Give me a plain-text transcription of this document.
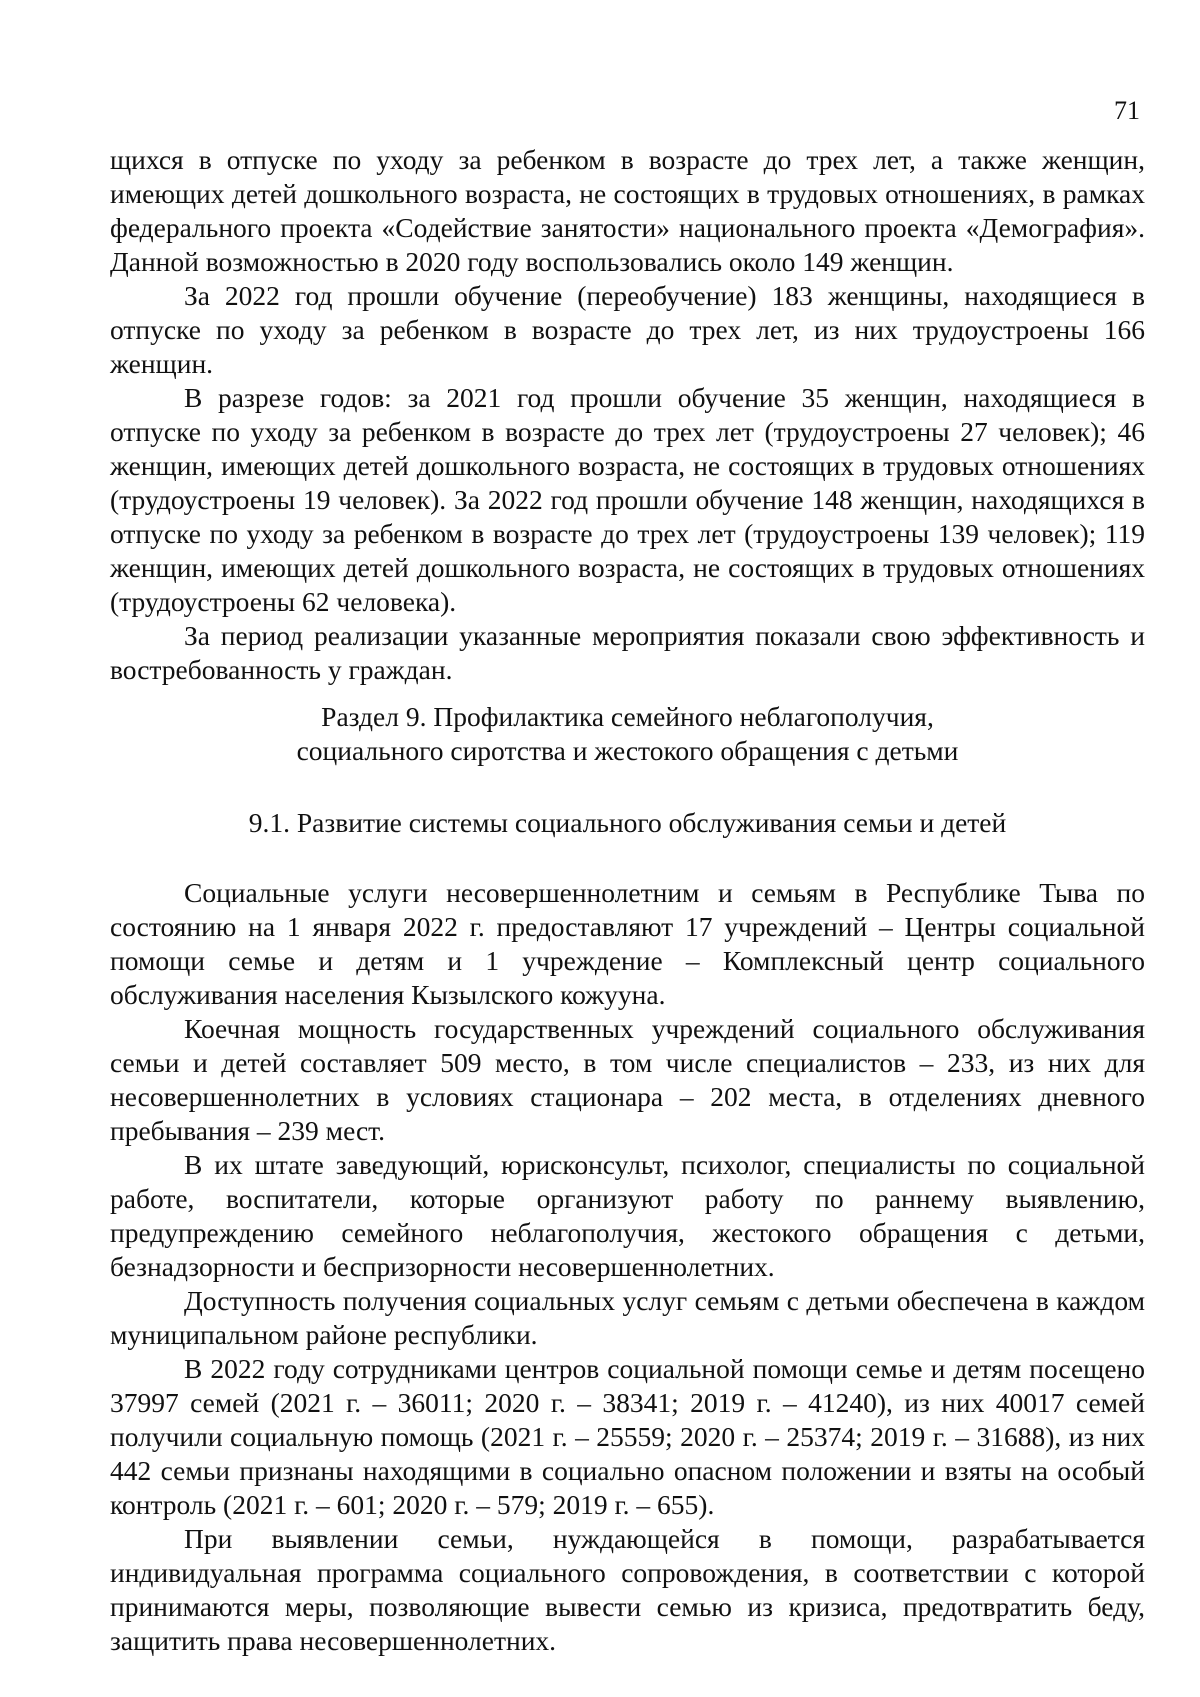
71

щихся в отпуске по уходу за ребенком в возрасте до трех лет, а также женщин, имеющих детей дошкольного возраста, не состоящих в трудовых отношениях, в рамках федерального проекта «Содействие занятости» национального проекта «Демография». Данной возможностью в 2020 году воспользовались около 149 женщин.

За 2022 год прошли обучение (переобучение) 183 женщины, находящиеся в отпуске по уходу за ребенком в возрасте до трех лет, из них трудоустроены 166 женщин.

В разрезе годов: за 2021 год прошли обучение 35 женщин, находящиеся в отпуске по уходу за ребенком в возрасте до трех лет (трудоустроены 27 человек); 46 женщин, имеющих детей дошкольного возраста, не состоящих в трудовых отношениях (трудоустроены 19 человек). За 2022 год прошли обучение 148 женщин, находящихся в отпуске по уходу за ребенком в возрасте до трех лет (трудоустроены 139 человек); 119 женщин, имеющих детей дошкольного возраста, не состоящих в трудовых отношениях (трудоустроены 62 человека).

За период реализации указанные мероприятия показали свою эффективность и востребованность у граждан.

Раздел 9. Профилактика семейного неблагополучия,
социального сиротства и жестокого обращения с детьми
9.1. Развитие системы социального обслуживания семьи и детей

Социальные услуги несовершеннолетним и семьям в Республике Тыва по состоянию на 1 января 2022 г. предоставляют 17 учреждений – Центры социальной помощи семье и детям и 1 учреждение – Комплексный центр социального обслуживания населения Кызылского кожууна.

Коечная мощность государственных учреждений социального обслуживания семьи и детей составляет 509 место, в том числе специалистов – 233, из них для несовершеннолетних в условиях стационара – 202 места, в отделениях дневного пребывания – 239 мест.

В их штате заведующий, юрисконсульт, психолог, специалисты по социальной работе, воспитатели, которые организуют работу по раннему выявлению, предупреждению семейного неблагополучия, жестокого обращения с детьми, безнадзорности и беспризорности несовершеннолетних.

Доступность получения социальных услуг семьям с детьми обеспечена в каждом муниципальном районе республики.

В 2022 году сотрудниками центров социальной помощи семье и детям посещено 37997 семей (2021 г. – 36011; 2020 г. – 38341; 2019 г. – 41240), из них 40017 семей получили социальную помощь (2021 г. – 25559; 2020 г. – 25374; 2019 г. – 31688), из них 442 семьи признаны находящими в социально опасном положении и взяты на особый контроль (2021 г. – 601; 2020 г. – 579; 2019 г. – 655).

При выявлении семьи, нуждающейся в помощи, разрабатывается индивидуальная программа социального сопровождения, в соответствии с которой принимаются меры, позволяющие вывести семью из кризиса, предотвратить беду, защитить права несовершеннолетних.
